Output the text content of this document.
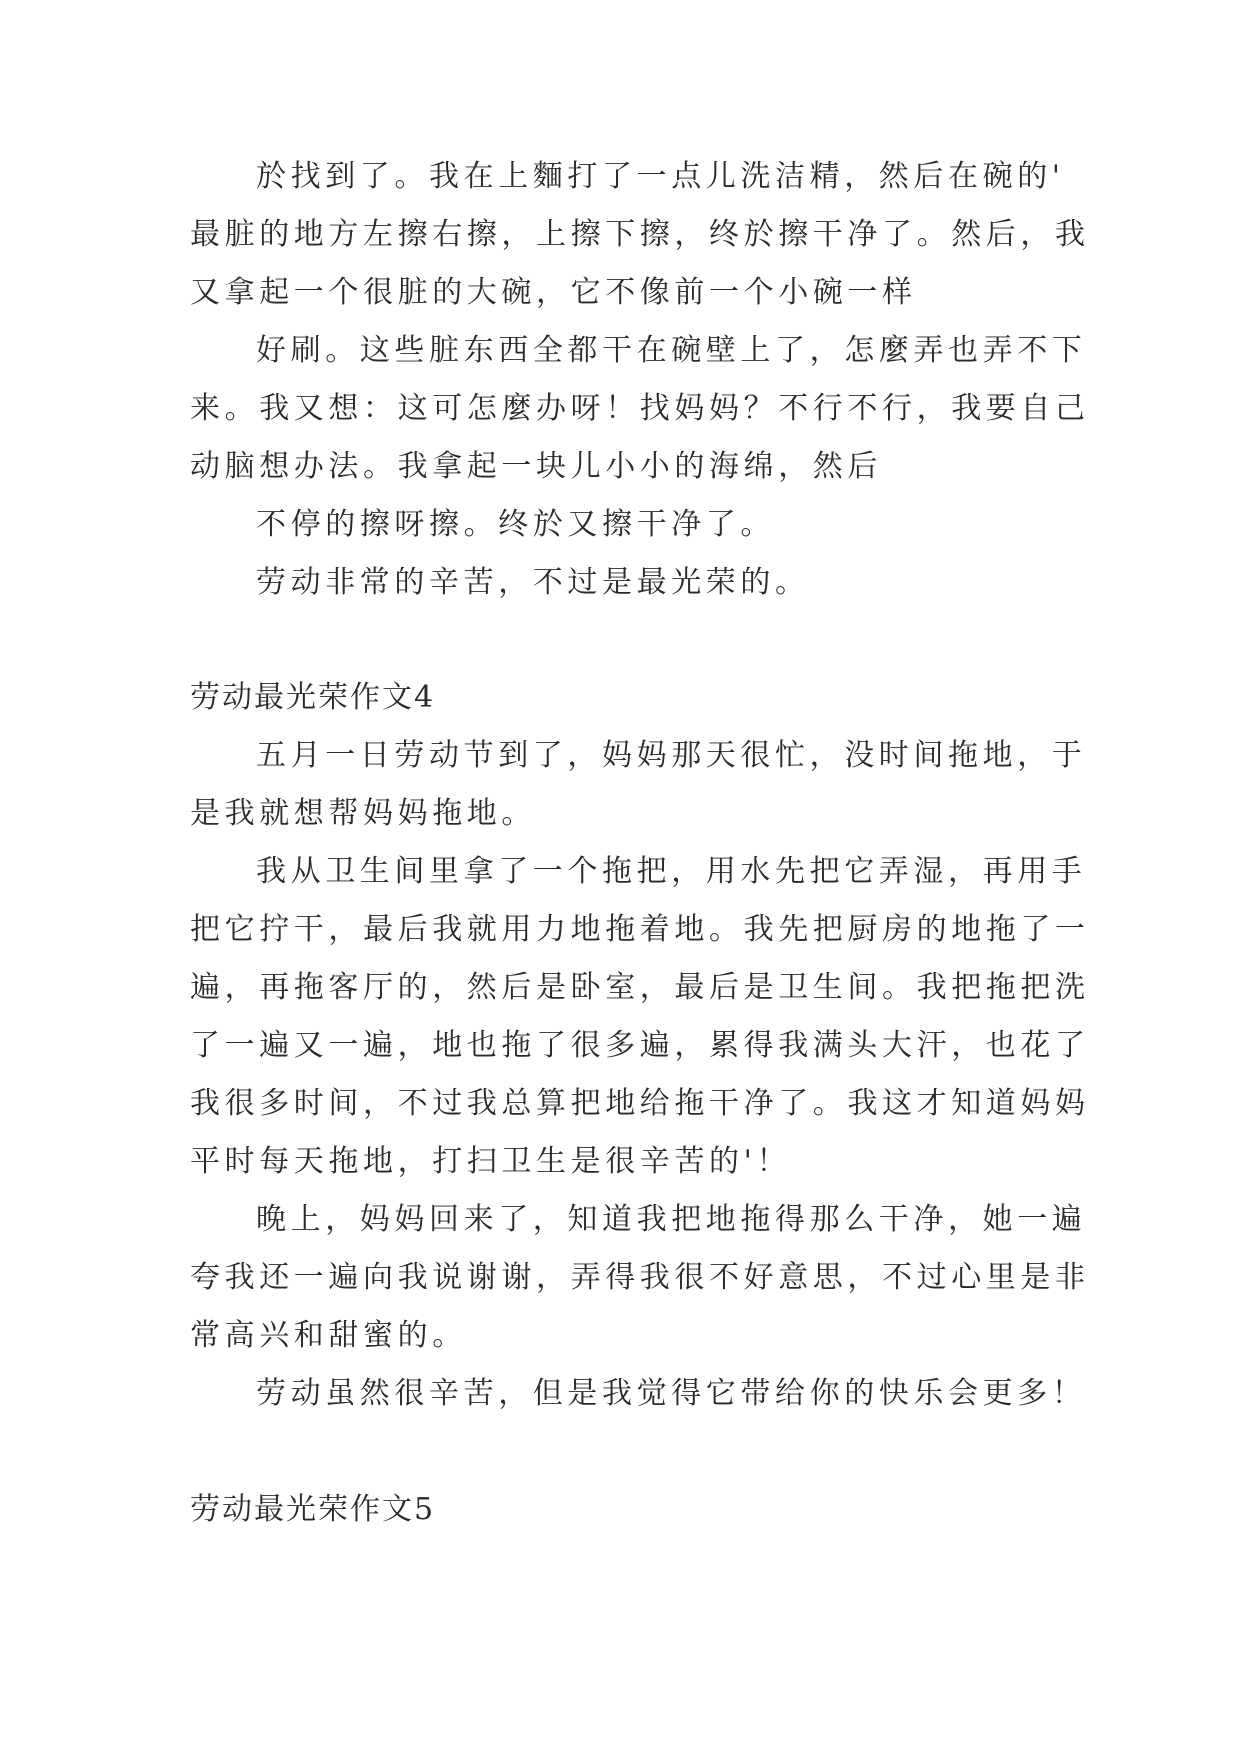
於找到了。我在上麵打了一点儿洗洁精，然后在碗的'
最脏的地方左擦右擦，上擦下擦，终於擦干净了。然后，我
又拿起一个很脏的大碗，它不像前一个小碗一样
好刷。这些脏东西全都干在碗壁上了，怎麼弄也弄不下
来。我又想：这可怎麼办呀！找妈妈？不行不行，我要自己
动脑想办法。我拿起一块儿小小的海绵，然后
不停的擦呀擦。终於又擦干净了。
劳动非常的辛苦，不过是最光荣的。
劳动最光荣作文4
五月一日劳动节到了，妈妈那天很忙，没时间拖地，于
是我就想帮妈妈拖地。
我从卫生间里拿了一个拖把，用水先把它弄湿，再用手
把它拧干，最后我就用力地拖着地。我先把厨房的地拖了一
遍，再拖客厅的，然后是卧室，最后是卫生间。我把拖把洗
了一遍又一遍，地也拖了很多遍，累得我满头大汗，也花了
我很多时间，不过我总算把地给拖干净了。我这才知道妈妈
平时每天拖地，打扫卫生是很辛苦的'！
晚上，妈妈回来了，知道我把地拖得那么干净，她一遍
夸我还一遍向我说谢谢，弄得我很不好意思，不过心里是非
常高兴和甜蜜的。
劳动虽然很辛苦，但是我觉得它带给你的快乐会更多！
劳动最光荣作文5
